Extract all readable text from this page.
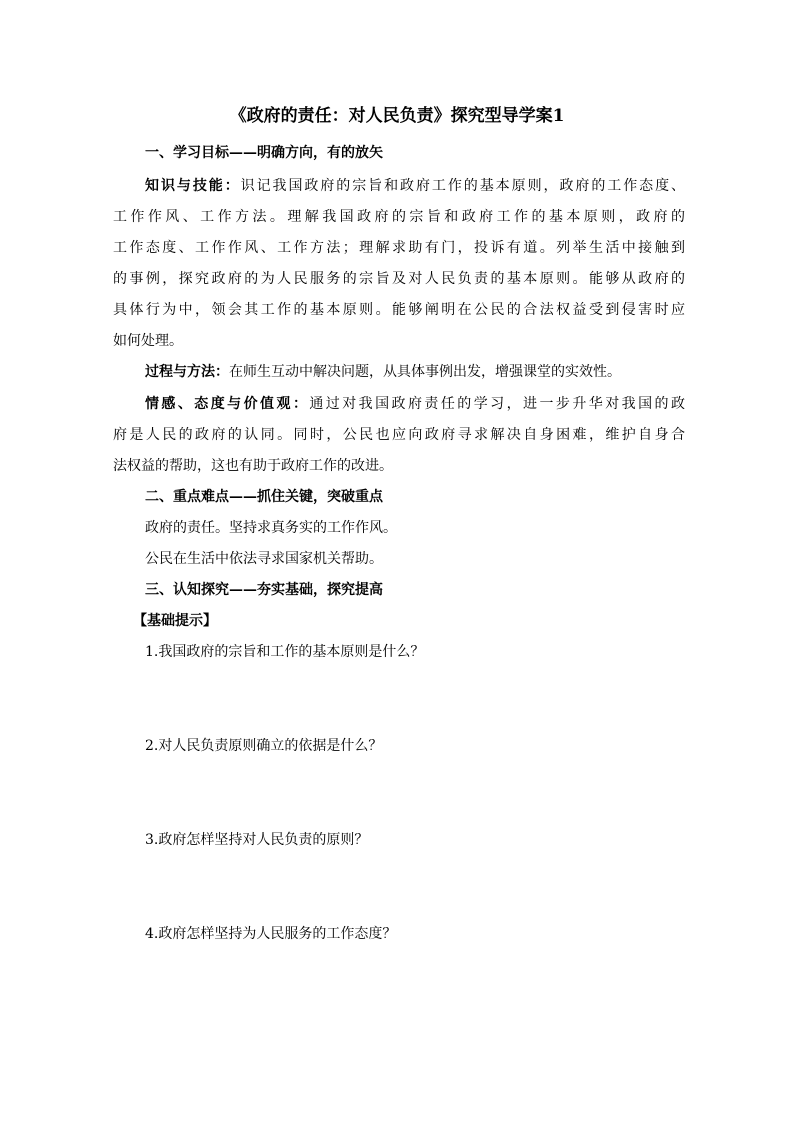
《政府的责任：对人民负责》探究型导学案1
一、学习目标——明确方向，有的放矢
知识与技能：识记我国政府的宗旨和政府工作的基本原则，政府的工作态度、
工作作风、工作方法。理解我国政府的宗旨和政府工作的基本原则，政府的
工作态度、工作作风、工作方法；理解求助有门，投诉有道。列举生活中接触到
的事例，探究政府的为人民服务的宗旨及对人民负责的基本原则。能够从政府的
具体行为中，领会其工作的基本原则。能够阐明在公民的合法权益受到侵害时应
如何处理。
过程与方法：在师生互动中解决问题，从具体事例出发，增强课堂的实效性。
情感、态度与价值观：通过对我国政府责任的学习，进一步升华对我国的政
府是人民的政府的认同。同时，公民也应向政府寻求解决自身困难，维护自身合
法权益的帮助，这也有助于政府工作的改进。
二、重点难点——抓住关键，突破重点
政府的责任。坚持求真务实的工作作风。
公民在生活中依法寻求国家机关帮助。
三、认知探究——夯实基础，探究提高
【基础提示】
1.我国政府的宗旨和工作的基本原则是什么？
2.对人民负责原则确立的依据是什么？
3.政府怎样坚持对人民负责的原则？
4.政府怎样坚持为人民服务的工作态度？
